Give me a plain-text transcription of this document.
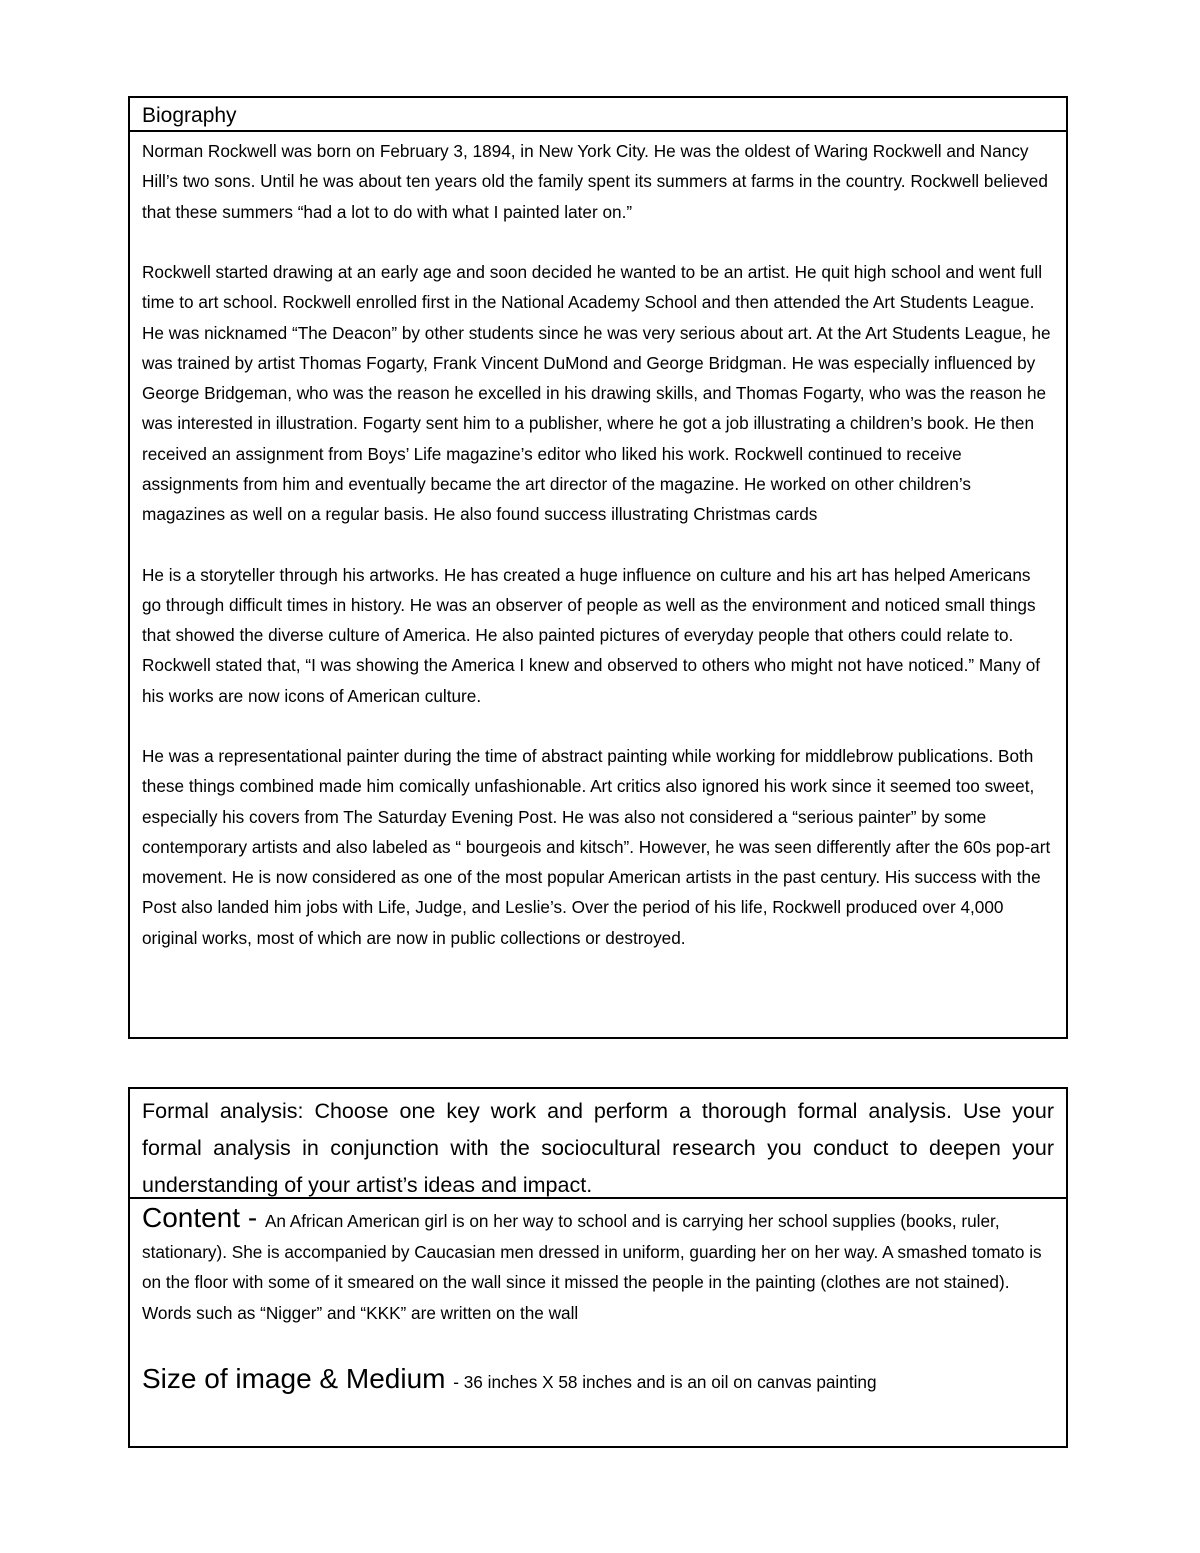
Biography

Norman Rockwell was born on February 3, 1894, in New York City. He was the oldest of Waring Rockwell and Nancy Hill’s two sons. Until he was about ten years old the family spent its summers at farms in the country. Rockwell believed that these summers “had a lot to do with what I painted later on.”

Rockwell started drawing at an early age and soon decided he wanted to be an artist. He quit high school and went full time to art school. Rockwell enrolled first in the National Academy School and then attended the Art Students League. He was nicknamed “The Deacon” by other students since he was very serious about art. At the Art Students League, he was trained by artist Thomas Fogarty, Frank Vincent DuMond and George Bridgman. He was especially influenced by George Bridgeman, who was the reason he excelled in his drawing skills, and Thomas Fogarty, who was the reason he was interested in illustration. Fogarty sent him to a publisher, where he got a job illustrating a children’s book. He then received an assignment from Boys’ Life magazine’s editor who liked his work. Rockwell continued to receive assignments from him and eventually became the art director of the magazine. He worked on other children’s magazines as well on a regular basis. He also found success illustrating Christmas cards

He is a storyteller through his artworks. He has created a huge influence on culture and his art has helped Americans go through difficult times in history. He was an observer of people as well as the environment and noticed small things that showed the diverse culture of America. He also painted pictures of everyday people that others could relate to. Rockwell stated that, “I was showing the America I knew and observed to others who might not have noticed.” Many of his works are now icons of American culture.

He was a representational painter during the time of abstract painting while working for middlebrow publications. Both these things combined made him comically unfashionable. Art critics also ignored his work since it seemed too sweet, especially his covers from The Saturday Evening Post. He was also not considered a “serious painter” by some contemporary artists and also labeled as “ bourgeois and kitsch”. However, he was seen differently after the 60s pop-art movement. He is now considered as one of the most popular American artists in the past century. His success with the Post also landed him jobs with Life, Judge, and Leslie’s. Over the period of his life, Rockwell produced over 4,000 original works, most of which are now in public collections or destroyed.

Formal analysis: Choose one key work and perform a thorough formal analysis. Use your formal analysis in conjunction with the sociocultural research you conduct to deepen your understanding of your artist’s ideas and impact.

Content - An African American girl is on her way to school and is carrying her school supplies (books, ruler, stationary). She is accompanied by Caucasian men dressed in uniform, guarding her on her way. A smashed tomato is on the floor with some of it smeared on the wall since it missed the people in the painting (clothes are not stained). Words such as “Nigger” and “KKK” are written on the wall

Size of image & Medium - 36 inches X 58 inches and is an oil on canvas painting
